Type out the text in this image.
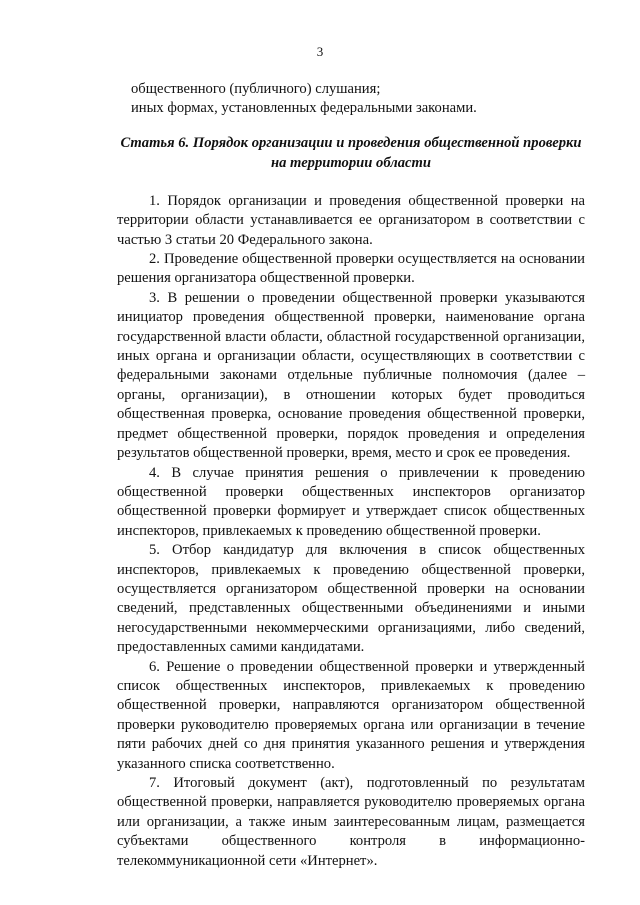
3

общественного (публичного) слушания;

иных формах, установленных федеральными законами.

Статья 6. Порядок организации и проведения общественной проверки
на территории области

1. Порядок организации и проведения общественной проверки на территории области устанавливается ее организатором в соответствии с частью 3 статьи 20 Федерального закона.

2. Проведение общественной проверки осуществляется на основании решения организатора общественной проверки.

3. В решении о проведении общественной проверки указываются инициатор проведения общественной проверки, наименование органа государственной власти области, областной государственной организации, иных органа и организации области, осуществляющих в соответствии с федеральными законами отдельные публичные полномочия (далее – органы, организации), в отношении которых будет проводиться общественная проверка, основание проведения общественной проверки, предмет общественной проверки, порядок проведения и определения результатов общественной проверки, время, место и срок ее проведения.

4. В случае принятия решения о привлечении к проведению общественной проверки общественных инспекторов организатор общественной проверки формирует и утверждает список общественных инспекторов, привлекаемых к проведению общественной проверки.

5. Отбор кандидатур для включения в список общественных инспекторов, привлекаемых к проведению общественной проверки, осуществляется организатором общественной проверки на основании сведений, представленных общественными объединениями и иными негосударственными некоммерческими организациями, либо сведений, предоставленных самими кандидатами.

6. Решение о проведении общественной проверки и утвержденный список общественных инспекторов, привлекаемых к проведению общественной проверки, направляются организатором общественной проверки руководителю проверяемых органа или организации в течение пяти рабочих дней со дня принятия указанного решения и утверждения указанного списка соответственно.

7. Итоговый документ (акт), подготовленный по результатам общественной проверки, направляется руководителю проверяемых органа или организации, а также иным заинтересованным лицам, размещается субъектами общественного контроля в информационно-телекоммуникационной сети «Интернет».
